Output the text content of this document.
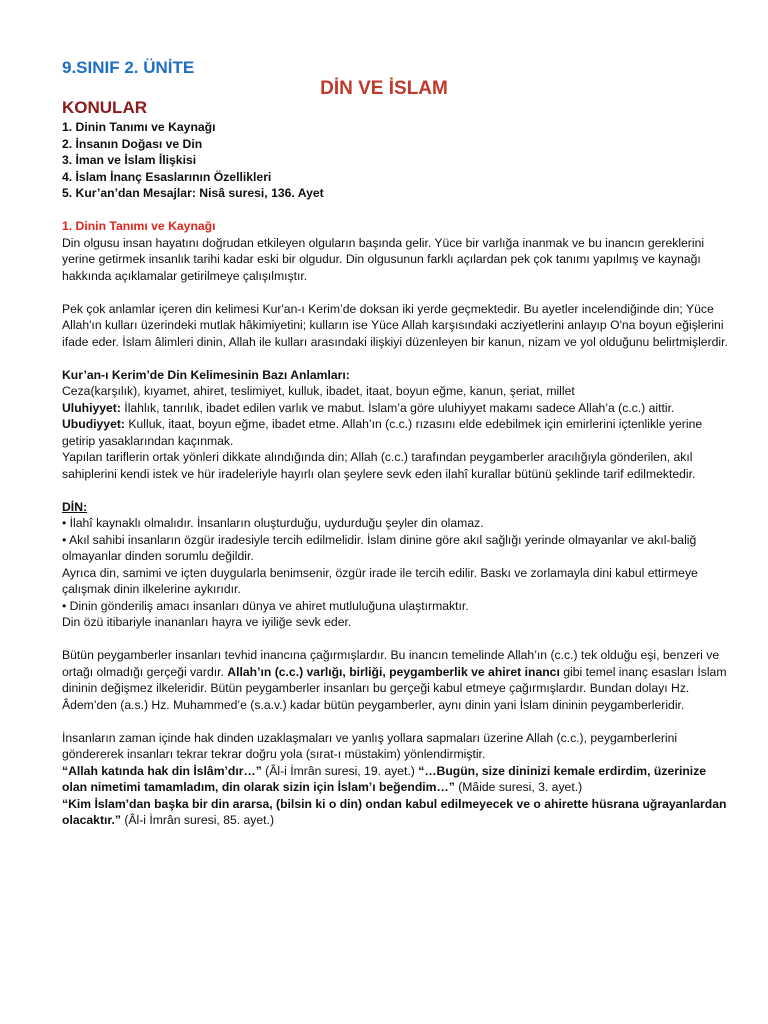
9.SINIF 2. ÜNİTE
DİN VE İSLAM
KONULAR
1. Dinin Tanımı ve Kaynağı
2. İnsanın Doğası ve Din
3. İman ve İslam İlişkisi
4. İslam İnanç Esaslarının Özellikleri
5. Kur’an’dan Mesajlar: Nisâ suresi, 136. Ayet

1. Dinin Tanımı ve Kaynağı

Din olgusu insan hayatını doğrudan etkileyen olguların başında gelir. Yüce bir varlığa inanmak ve bu inancın gereklerini yerine getirmek insanlık tarihi kadar eski bir olgudur. Din olgusunun farklı açılardan pek çok tanımı yapılmış ve kaynağı hakkında açıklamalar getirilmeye çalışılmıştır.

Pek çok anlamlar içeren din kelimesi Kur'an-ı Kerim’de doksan iki yerde geçmektedir. Bu ayetler incelendiğinde din; Yüce Allah'ın kulları üzerindeki mutlak hâkimiyetini; kulların ise Yüce Allah karşısındaki acziyetlerini anlayıp O'na boyun eğişlerini ifade eder. İslam âlimleri dinin, Allah ile kulları arasındaki ilişkiyi düzenleyen bir kanun, nizam ve yol olduğunu belirtmişlerdir.

Kur’an-ı Kerim’de Din Kelimesinin Bazı Anlamları:

Ceza(karşılık), kıyamet, ahiret, teslimiyet, kulluk, ibadet, itaat, boyun eğme, kanun, şeriat, millet

Uluhiyyet: İlahlık, tanrılık, ibadet edilen varlık ve mabut. İslam’a göre uluhiyyet makamı sadece Allah’a (c.c.) aittir.

Ubudiyyet: Kulluk, itaat, boyun eğme, ibadet etme. Allah’ın (c.c.) rızasını elde edebilmek için emirlerini içtenlikle yerine getirip yasaklarından kaçınmak.

Yapılan tariflerin ortak yönleri dikkate alındığında din; Allah (c.c.) tarafından peygamberler aracılığıyla gönderilen, akıl sahiplerini kendi istek ve hür iradeleriyle hayırlı olan şeylere sevk eden ilahî kurallar bütünü şeklinde tarif edilmektedir.

DİN:

• İlahî kaynaklı olmalıdır. İnsanların oluşturduğu, uydurduğu şeyler din olamaz.

• Akıl sahibi insanların özgür iradesiyle tercih edilmelidir. İslam dinine göre akıl sağlığı yerinde olmayanlar ve akıl-baliğ olmayanlar dinden sorumlu değildir.

Ayrıca din, samimi ve içten duygularla benimsenir, özgür irade ile tercih edilir. Baskı ve zorlamayla dini kabul ettirmeye çalışmak dinin ilkelerine aykırıdır.

• Dinin gönderiliş amacı insanları dünya ve ahiret mutluluğuna ulaştırmaktır.

Din özü itibariyle inananları hayra ve iyiliğe sevk eder.

Bütün peygamberler insanları tevhid inancına çağırmışlardır. Bu inancın temelinde Allah’ın (c.c.) tek olduğu eşi, benzeri ve ortağı olmadığı gerçeği vardır. Allah’ın (c.c.) varlığı, birliği, peygamberlik ve ahiret inancı gibi temel inanç esasları İslam dininin değişmez ilkeleridir. Bütün peygamberler insanları bu gerçeği kabul etmeye çağırmışlardır. Bundan dolayı Hz. Âdem’den (a.s.) Hz. Muhammed’e (s.a.v.) kadar bütün peygamberler, aynı dinin yani İslam dininin peygamberleridir.

İnsanların zaman içinde hak dinden uzaklaşmaları ve yanlış yollara sapmaları üzerine Allah (c.c.), peygamberlerini göndererek insanları tekrar tekrar doğru yola (sırat-ı müstakim) yönlendirmiştir.

“Allah katında hak din İslâm’dır…” (Âl-i İmrân suresi, 19. ayet.) “…Bugün, size dininizi kemale erdirdim, üzerinize olan nimetimi tamamladım, din olarak sizin için İslam’ı beğendim…” (Mâide suresi, 3. ayet.)

“Kim İslam’dan başka bir din ararsa, (bilsin ki o din) ondan kabul edilmeyecek ve o ahirette hüsrana uğrayanlardan olacaktır.” (Âl-i İmrân suresi, 85. ayet.)
